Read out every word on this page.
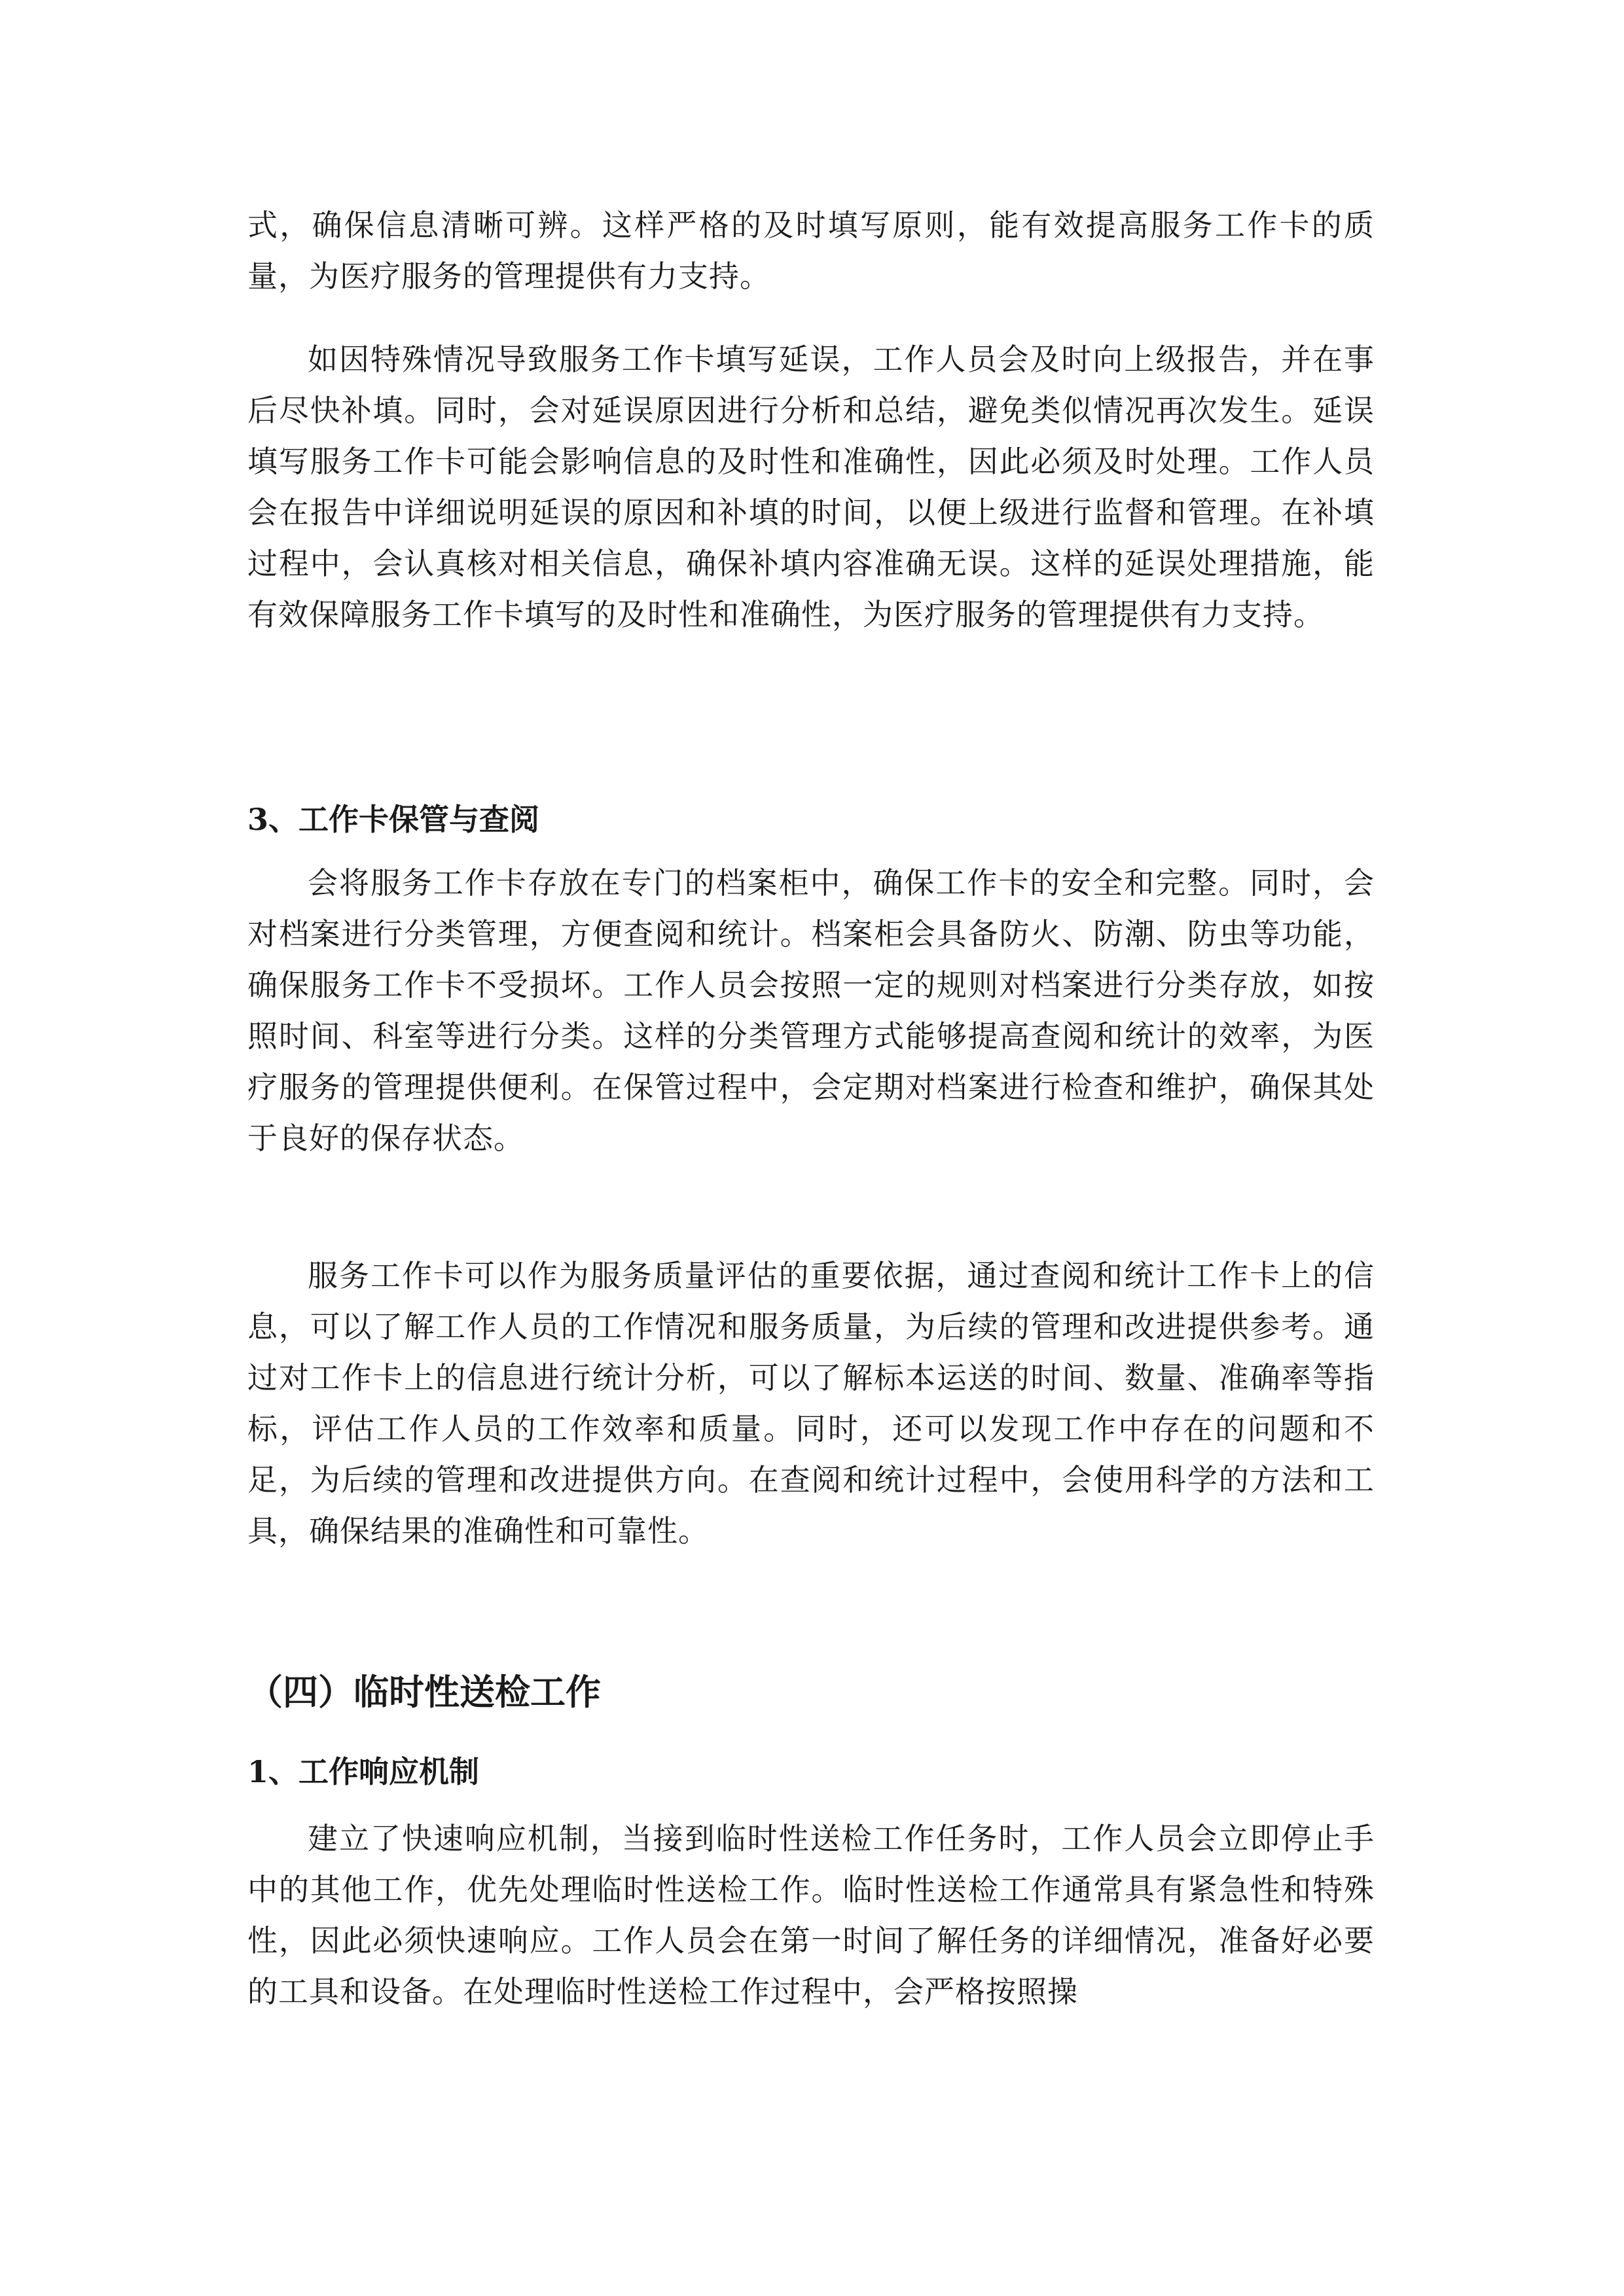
式，确保信息清晰可辨。这样严格的及时填写原则，能有效提高服务工作卡的质量，为医疗服务的管理提供有力支持。

如因特殊情况导致服务工作卡填写延误，工作人员会及时向上级报告，并在事后尽快补填。同时，会对延误原因进行分析和总结，避免类似情况再次发生。延误填写服务工作卡可能会影响信息的及时性和准确性，因此必须及时处理。工作人员会在报告中详细说明延误的原因和补填的时间，以便上级进行监督和管理。在补填过程中，会认真核对相关信息，确保补填内容准确无误。这样的延误处理措施，能有效保障服务工作卡填写的及时性和准确性，为医疗服务的管理提供有力支持。

3、工作卡保管与查阅

会将服务工作卡存放在专门的档案柜中，确保工作卡的安全和完整。同时，会对档案进行分类管理，方便查阅和统计。档案柜会具备防火、防潮、防虫等功能，确保服务工作卡不受损坏。工作人员会按照一定的规则对档案进行分类存放，如按照时间、科室等进行分类。这样的分类管理方式能够提高查阅和统计的效率，为医疗服务的管理提供便利。在保管过程中，会定期对档案进行检查和维护，确保其处于良好的保存状态。

服务工作卡可以作为服务质量评估的重要依据，通过查阅和统计工作卡上的信息，可以了解工作人员的工作情况和服务质量，为后续的管理和改进提供参考。通过对工作卡上的信息进行统计分析，可以了解标本运送的时间、数量、准确率等指标，评估工作人员的工作效率和质量。同时，还可以发现工作中存在的问题和不足，为后续的管理和改进提供方向。在查阅和统计过程中，会使用科学的方法和工具，确保结果的准确性和可靠性。

（四）临时性送检工作
1、工作响应机制

建立了快速响应机制，当接到临时性送检工作任务时，工作人员会立即停止手中的其他工作，优先处理临时性送检工作。临时性送检工作通常具有紧急性和特殊性，因此必须快速响应。工作人员会在第一时间了解任务的详细情况，准备好必要的工具和设备。在处理临时性送检工作过程中，会严格按照操
